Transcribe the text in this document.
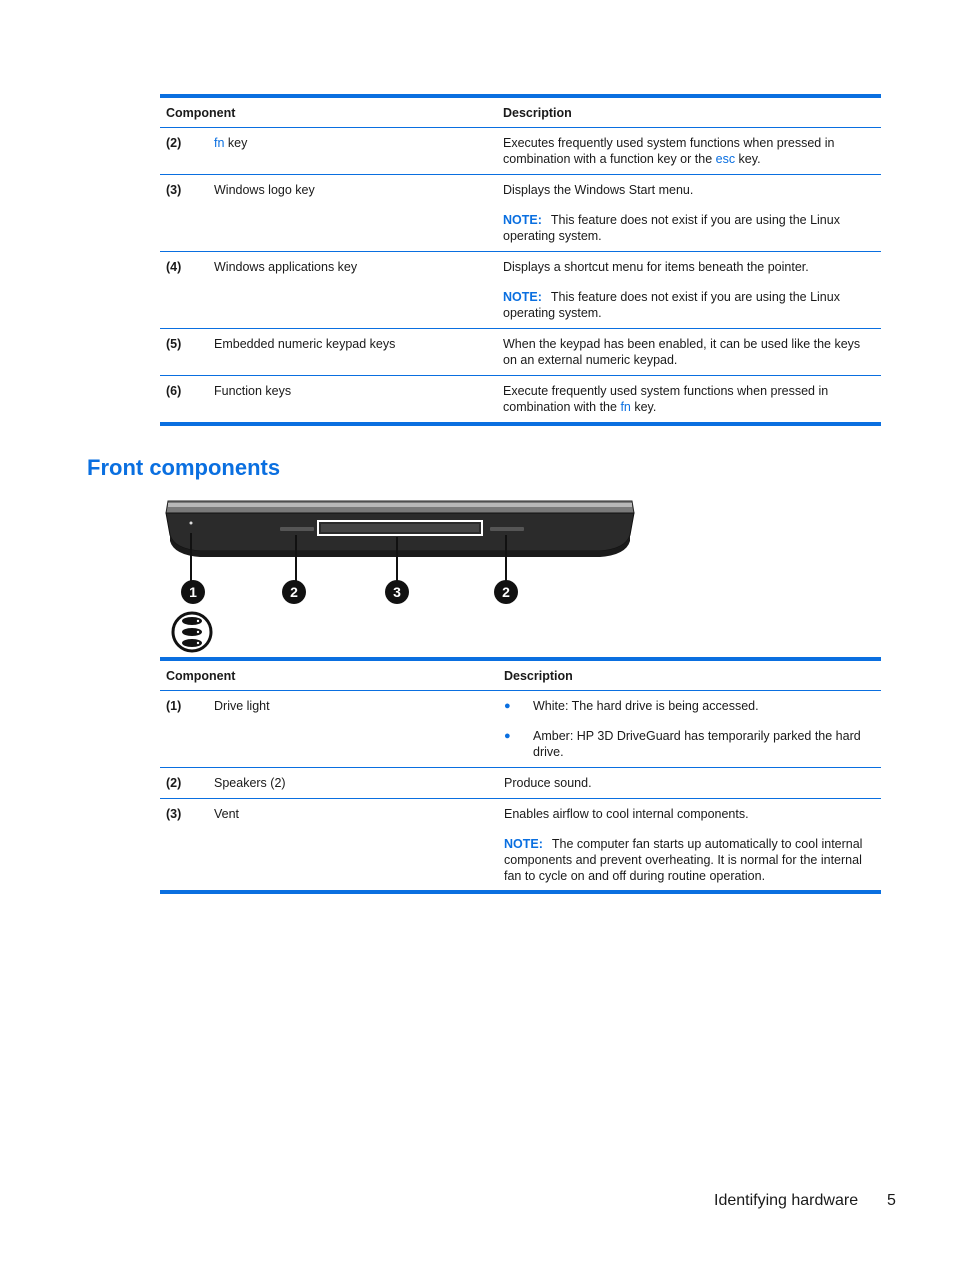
Component	Description
(2)	fn key	Executes frequently used system functions when pressed in combination with a function key or the esc key.

(3)	Windows logo key	Displays the Windows Start menu.

NOTE: This feature does not exist if you are using the Linux operating system.

(4)	Windows applications key	Displays a shortcut menu for items beneath the pointer.

NOTE: This feature does not exist if you are using the Linux operating system.

(5)	Embedded numeric keypad keys	When the keypad has been enabled, it can be used like the keys on an external numeric keypad.

(6)	Function keys	Execute frequently used system functions when pressed in combination with the fn key.

Front components
1	2	3	2
Component	Description
(1)	Drive light	●	White: The hard drive is being accessed.
●	Amber: HP 3D DriveGuard has temporarily parked the hard drive.
(2)	Speakers (2)	Produce sound.

(3)	Vent	Enables airflow to cool internal components.

NOTE: The computer fan starts up automatically to cool internal components and prevent overheating. It is normal for the internal fan to cycle on and off during routine operation.

Identifying hardware 5
